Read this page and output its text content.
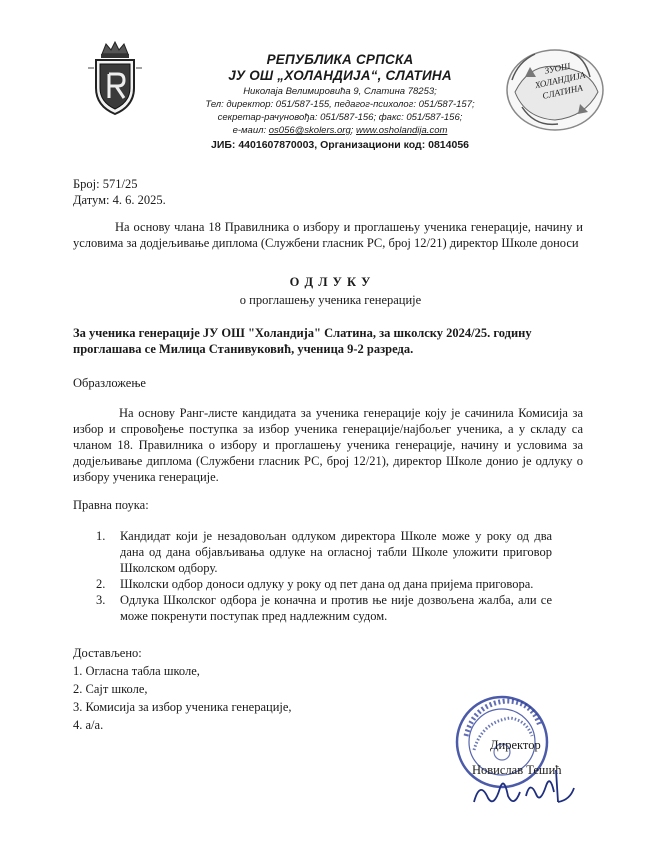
РЕПУБЛИКА СРПСКА
ЈУ ОШ „ХОЛАНДИЈА“, СЛАТИНА
Николаја Велимировића 9, Слатина 78253;
Тел: директор: 051/587-155, педагог-психолог: 051/587-157;
секретар-рачуновођа: 051/587-156; факс: 051/587-156;
е-маил: os056@skolers.org; www.osholandija.com
ЈИБ: 4401607870003, Организациони код: 0814056
ЗУОШ ХОЛАНДИЈА СЛАТИНА
Број: 571/25
Датум: 4. 6. 2025.
На основу члана 18 Правилника о избору и проглашењу ученика генерације, начину и условима за додјељивање диплома (Службени гласник РС, број 12/21) директор Школе доноси
О Д Л У К У
о проглашењу ученика генерације
За ученика генерације ЈУ ОШ "Холандија" Слатина, за школску 2024/25. годину
проглашава се Милица Станивуковић, ученица 9-2 разреда.
Образложење
На основу Ранг-листе кандидата за ученика генерације коју је сачинила Комисија за избор и спровођење поступка за избор ученика генерације/најбољег ученика, а у складу са чланом 18. Правилника о избору и проглашењу ученика генерације, начину и условима за додјељивање диплома (Службени гласник РС, број 12/21), директор Школе донио је одлуку о избору ученика генерације.
Правна поука:
1. Кандидат који је незадовољан одлуком директора Школе може у року од два дана од дана објављивања одлуке на огласној табли Школе уложити приговор Школском одбору.
2. Школски одбор доноси одлуку у року од пет дана од дана пријема приговора.
3. Одлука Школског одбора је коначна и против ње није дозвољена жалба, али се може покренути поступак пред надлежним судом.
Достављено:
1. Огласна табла школе,
2. Сајт школе,
3. Комисија за избор ученика генерације,
4. а/а.
Директор
Новислав Тешић
